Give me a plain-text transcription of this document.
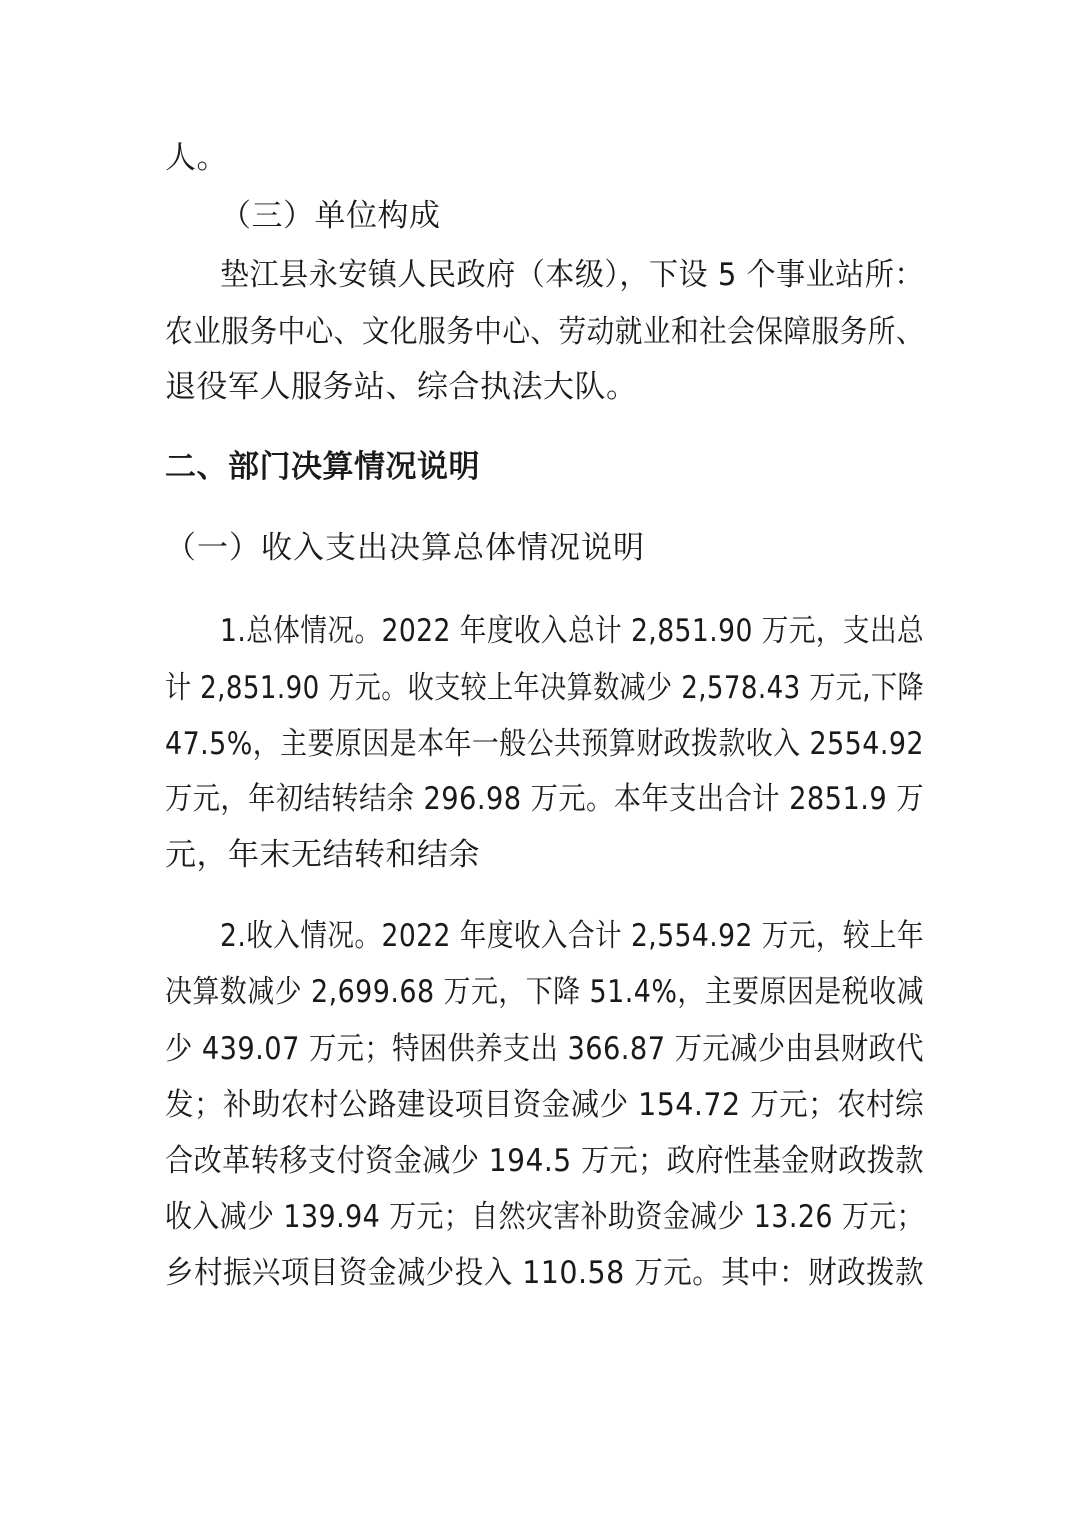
人。
（三）单位构成
垫江县永安镇人民政府（本级），下设 5 个事业站所：
农业服务中心、文化服务中心、劳动就业和社会保障服务所、
退役军人服务站、综合执法大队。
二、部门决算情况说明
（一）收入支出决算总体情况说明
1.总体情况。2022 年度收入总计 2,851.90 万元，支出总
计 2,851.90 万元。收支较上年决算数减少 2,578.43 万元,下降
47.5%，主要原因是本年一般公共预算财政拨款收入 2554.92
万元，年初结转结余 296.98 万元。本年支出合计 2851.9 万
元，年末无结转和结余
2.收入情况。2022 年度收入合计 2,554.92 万元，较上年
决算数减少 2,699.68 万元，下降 51.4%，主要原因是税收减
少 439.07 万元；特困供养支出 366.87 万元减少由县财政代
发；补助农村公路建设项目资金减少 154.72 万元；农村综
合改革转移支付资金减少 194.5 万元；政府性基金财政拨款
收入减少 139.94 万元；自然灾害补助资金减少 13.26 万元；
乡村振兴项目资金减少投入 110.58 万元。其中：财政拨款
